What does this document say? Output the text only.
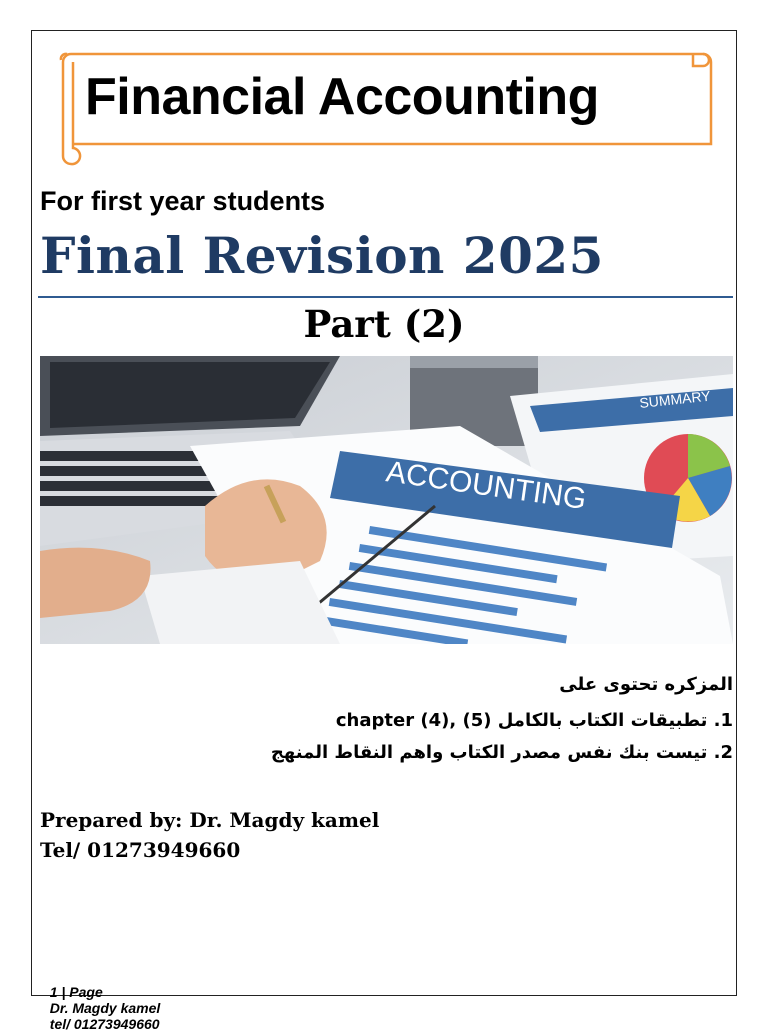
Financial Accounting
For first year students
Final Revision 2025
Part (2)
SUMMARY
ACCOUNTING
المزكره تحتوى على
1. تطبيقات الكتاب بالكامل (5) ,(4) chapter
2. تيست بنك نفس مصدر الكتاب واهم النقاط المنهج
Prepared by: Dr. Magdy kamel
Tel/ 01273949660

1 | Page
Dr. Magdy kamel
tel/ 01273949660
